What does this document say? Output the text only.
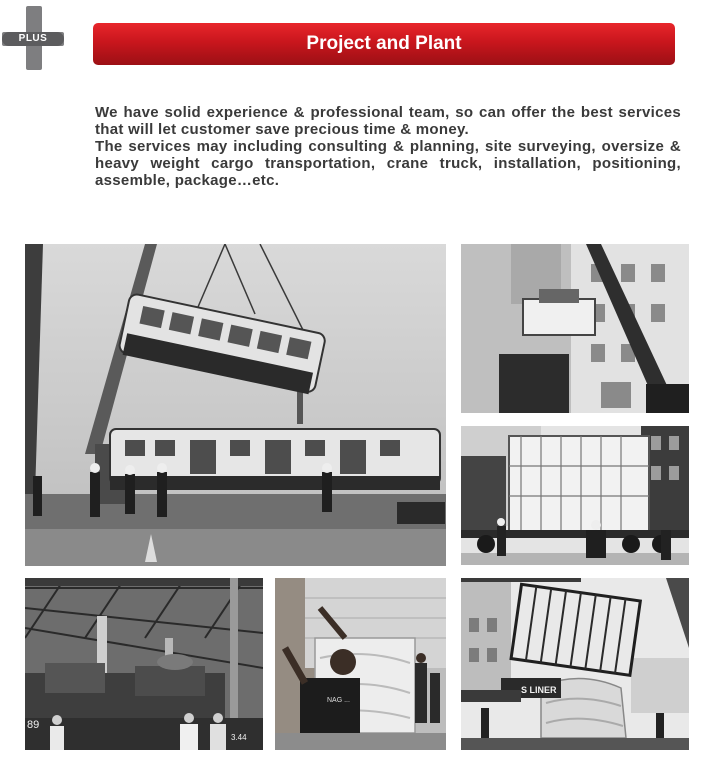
PLUS	Project and Plant

We have solid experience & professional team, so can offer the best services that will let customer save precious time & money.

The services may including consulting & planning, site surveying, oversize & heavy weight cargo transportation, crane truck, installation, positioning, assemble, package…etc.

89
3.44
NAG ...
S LINER
